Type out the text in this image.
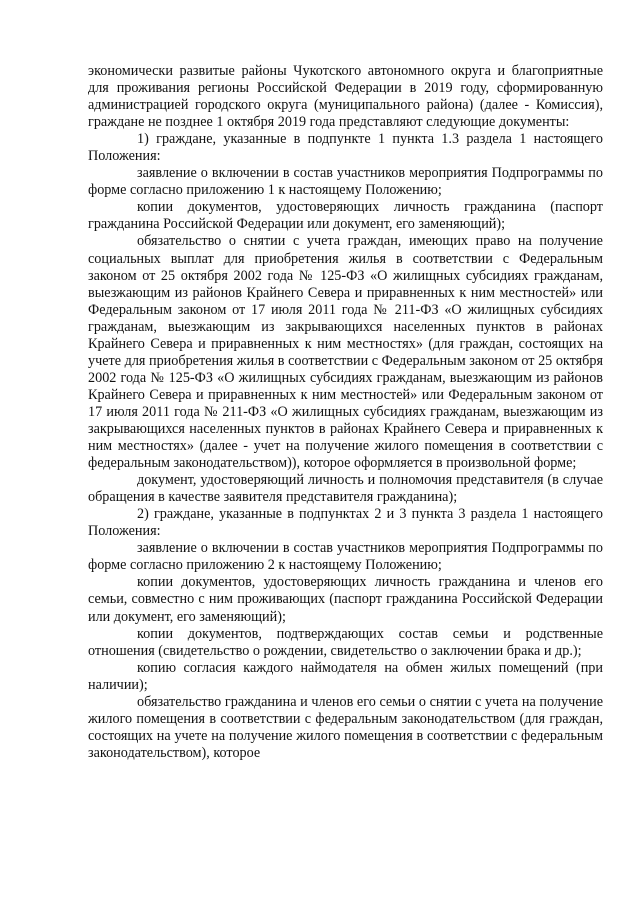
экономически развитые районы Чукотского автономного округа и благоприятные для проживания регионы Российской Федерации в 2019 году, сформированную администрацией городского округа (муниципального района) (далее - Комиссия), граждане не позднее 1 октября 2019 года представляют следующие документы:

1) граждане, указанные в подпункте 1 пункта 1.3 раздела 1 настоящего Положения:

заявление о включении в состав участников мероприятия Подпрограммы по форме согласно приложению 1 к настоящему Положению;

копии документов, удостоверяющих личность гражданина (паспорт гражданина Российской Федерации или документ, его заменяющий);

обязательство о снятии с учета граждан, имеющих право на получение социальных выплат для приобретения жилья в соответствии с Федеральным законом от 25 октября 2002 года № 125-ФЗ «О жилищных субсидиях гражданам, выезжающим из районов Крайнего Севера и приравненных к ним местностей» или Федеральным законом от 17 июля 2011 года № 211-ФЗ «О жилищных субсидиях гражданам, выезжающим из закрывающихся населенных пунктов в районах Крайнего Севера и приравненных к ним местностях» (для граждан, состоящих на учете для приобретения жилья в соответствии с Федеральным законом от 25 октября 2002 года № 125-ФЗ «О жилищных субсидиях гражданам, выезжающим из районов Крайнего Севера и приравненных к ним местностей» или Федеральным законом от 17 июля 2011 года № 211-ФЗ «О жилищных субсидиях гражданам, выезжающим из закрывающихся населенных пунктов в районах Крайнего Севера и приравненных к ним местностях» (далее - учет на получение жилого помещения в соответствии с федеральным законодательством)), которое оформляется в произвольной форме;

документ, удостоверяющий личность и полномочия представителя (в случае обращения в качестве заявителя представителя гражданина);

2) граждане, указанные в подпунктах 2 и 3 пункта 3 раздела 1 настоящего Положения:

заявление о включении в состав участников мероприятия Подпрограммы по форме согласно приложению 2 к настоящему Положению;

копии документов, удостоверяющих личность гражданина и членов его семьи, совместно с ним проживающих (паспорт гражданина Российской Федерации или документ, его заменяющий);

копии документов, подтверждающих состав семьи и родственные отношения (свидетельство о рождении, свидетельство о заключении брака и др.);

копию согласия каждого наймодателя на обмен жилых помещений (при наличии);

обязательство гражданина и членов его семьи о снятии с учета на получение жилого помещения в соответствии с федеральным законодательством (для граждан, состоящих на учете на получение жилого помещения в соответствии с федеральным законодательством), которое
